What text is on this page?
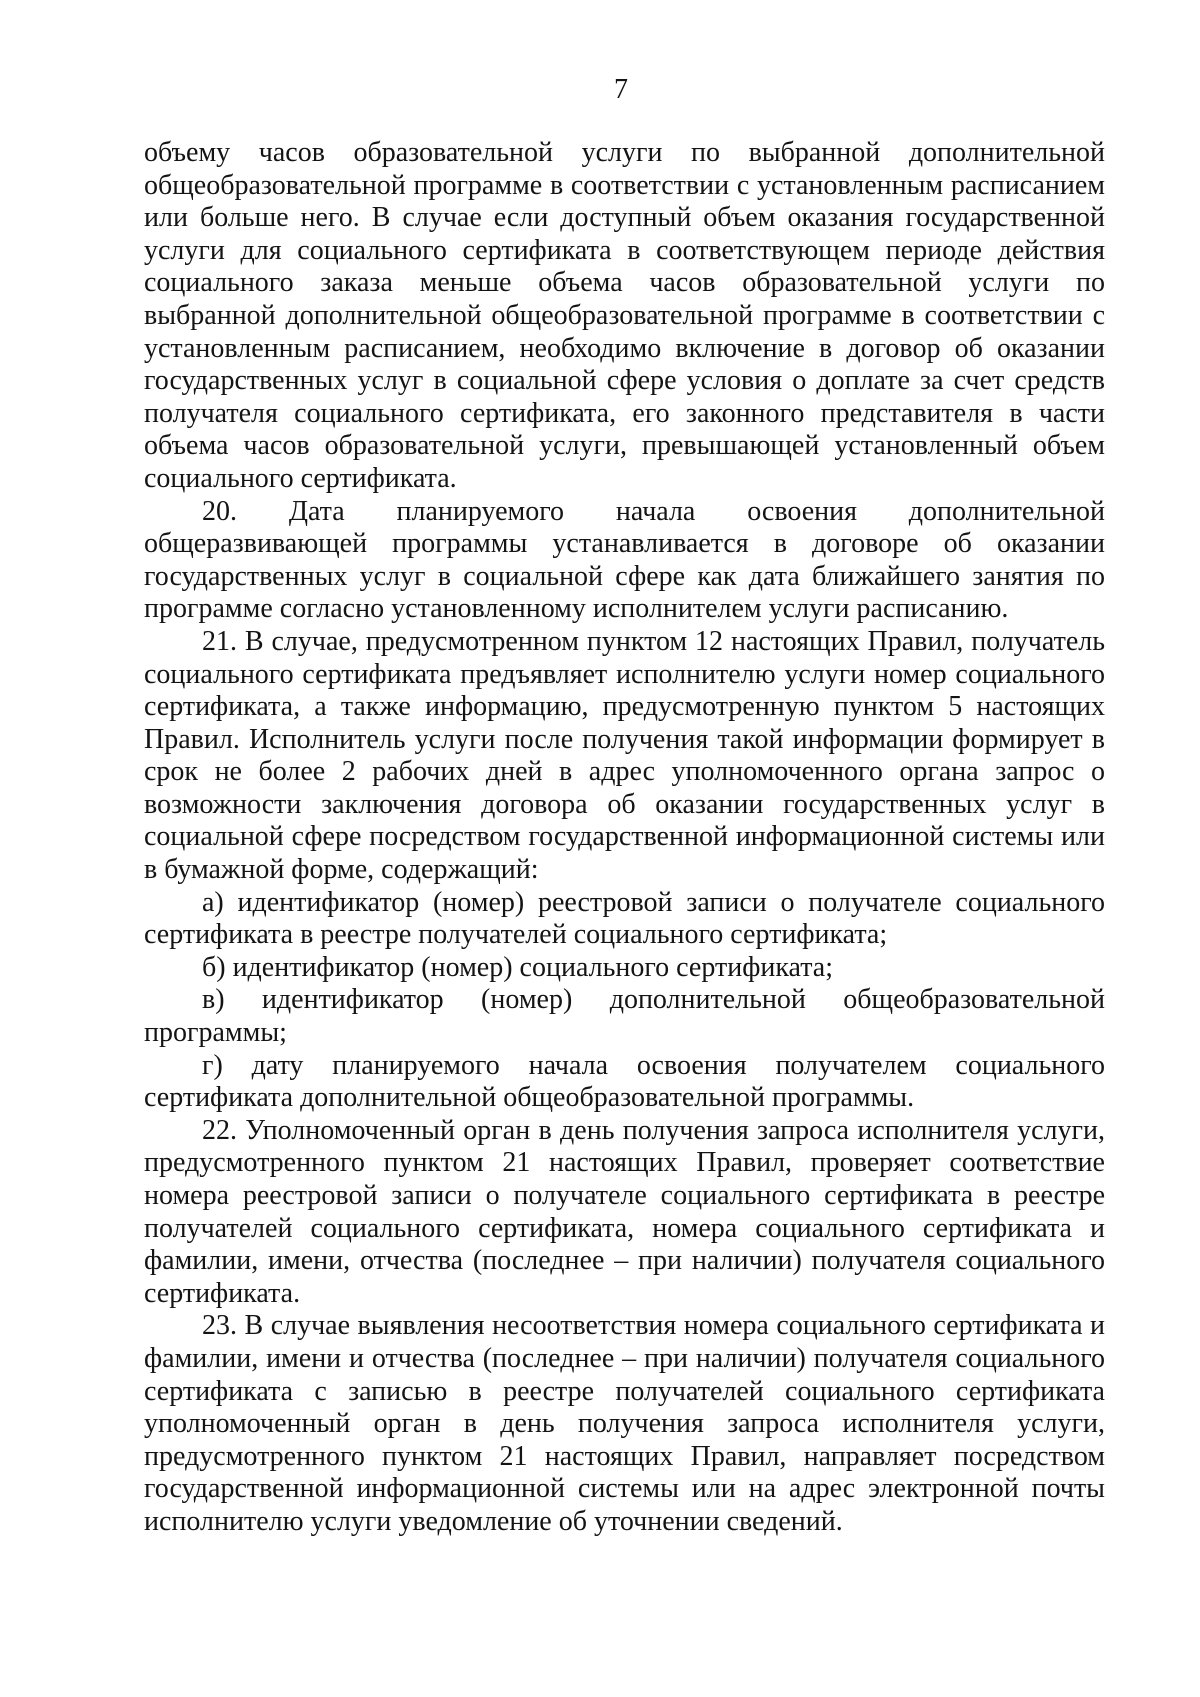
7

объему часов образовательной услуги по выбранной дополнительной общеобразовательной программе в соответствии с установленным расписанием или больше него. В случае если доступный объем оказания государственной услуги для социального сертификата в соответствующем периоде действия социального заказа меньше объема часов образовательной услуги по выбранной дополнительной общеобразовательной программе в соответствии с установленным расписанием, необходимо включение в договор об оказании государственных услуг в социальной сфере условия о доплате за счет средств получателя социального сертификата, его законного представителя в части объема часов образовательной услуги, превышающей установленный объем социального сертификата.

20. Дата планируемого начала освоения дополнительной общеразвивающей программы устанавливается в договоре об оказании государственных услуг в социальной сфере как дата ближайшего занятия по программе согласно установленному исполнителем услуги расписанию.

21. В случае, предусмотренном пунктом 12 настоящих Правил, получатель социального сертификата предъявляет исполнителю услуги номер социального сертификата, а также информацию, предусмотренную пунктом 5 настоящих Правил. Исполнитель услуги после получения такой информации формирует в срок не более 2 рабочих дней в адрес уполномоченного органа запрос о возможности заключения договора об оказании государственных услуг в социальной сфере посредством государственной информационной системы или в бумажной форме, содержащий:

а) идентификатор (номер) реестровой записи о получателе социального сертификата в реестре получателей социального сертификата;

б) идентификатор (номер) социального сертификата;

в) идентификатор (номер) дополнительной общеобразовательной программы;

г) дату планируемого начала освоения получателем социального сертификата дополнительной общеобразовательной программы.

22. Уполномоченный орган в день получения запроса исполнителя услуги, предусмотренного пунктом 21 настоящих Правил, проверяет соответствие номера реестровой записи о получателе социального сертификата в реестре получателей социального сертификата, номера социального сертификата и фамилии, имени, отчества (последнее – при наличии) получателя социального сертификата.

23. В случае выявления несоответствия номера социального сертификата и фамилии, имени и отчества (последнее – при наличии) получателя социального сертификата с записью в реестре получателей социального сертификата уполномоченный орган в день получения запроса исполнителя услуги, предусмотренного пунктом 21 настоящих Правил, направляет посредством государственной информационной системы или на адрес электронной почты исполнителю услуги уведомление об уточнении сведений.
